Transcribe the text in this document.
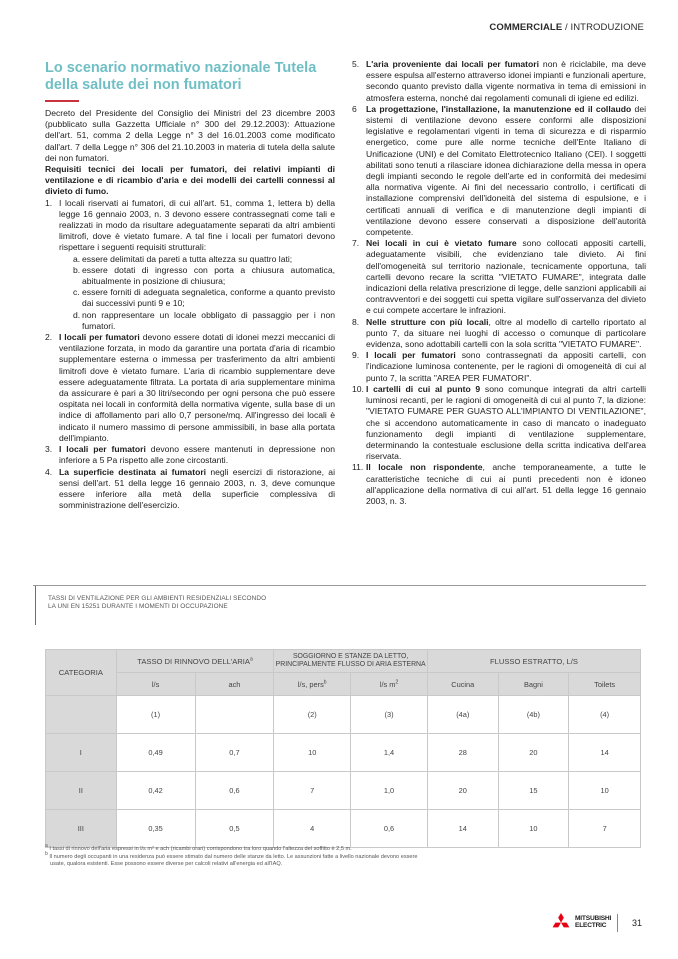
COMMERCIALE / INTRODUZIONE
Lo scenario normativo nazionale Tutela della salute dei non fumatori

Decreto del Presidente del Consiglio dei Ministri del 23 dicembre 2003 (pubblicato sulla Gazzetta Ufficiale n° 300 del 29.12.2003): Attuazione dell'art. 51, comma 2 della Legge n° 3 del 16.01.2003 come modificato dall'art. 7 della Legge n° 306 del 21.10.2003 in materia di tutela della salute dei non fumatori.

Requisiti tecnici dei locali per fumatori, dei relativi impianti di ventilazione e di ricambio d'aria e dei modelli dei cartelli connessi al divieto di fumo.

1. I locali riservati ai fumatori, di cui all'art. 51, comma 1, lettera b) della legge 16 gennaio 2003, n. 3 devono essere contrassegnati come tali e realizzati in modo da risultare adeguatamente separati da altri ambienti limitrofi, dove è vietato fumare. A tal fine i locali per fumatori devono rispettare i seguenti requisiti strutturali:
a. essere delimitati da pareti a tutta altezza su quattro lati;
b. essere dotati di ingresso con porta a chiusura automatica, abitualmente in posizione di chiusura;
c. essere forniti di adeguata segnaletica, conforme a quanto previsto dai successivi punti 9 e 10;
d. non rappresentare un locale obbligato di passaggio per i non fumatori.
2. I locali per fumatori devono essere dotati di idonei mezzi meccanici di ventilazione forzata, in modo da garantire una portata d'aria di ricambio supplementare esterna o immessa per trasferimento da altri ambienti limitrofi dove è vietato fumare. L'aria di ricambio supplementare deve essere adeguatamente filtrata. La portata di aria supplementare minima da assicurare è pari a 30 litri/secondo per ogni persona che può essere ospitata nei locali in conformità della normativa vigente, sulla base di un indice di affollamento pari allo 0,7 persone/mq. All'ingresso dei locali è indicato il numero massimo di persone ammissibili, in base alla portata dell'impianto.
3. I locali per fumatori devono essere mantenuti in depressione non inferiore a 5 Pa rispetto alle zone circostanti.
4. La superficie destinata ai fumatori negli esercizi di ristorazione, ai sensi dell'art. 51 della legge 16 gennaio 2003, n. 3, deve comunque essere inferiore alla metà della superficie complessiva di somministrazione dell'esercizio.
5. L'aria proveniente dai locali per fumatori non è riciclabile, ma deve essere espulsa all'esterno attraverso idonei impianti e funzionali aperture, secondo quanto previsto dalla vigente normativa in tema di emissioni in atmosfera esterna, nonché dai regolamenti comunali di igiene ed edilizi.
6 La progettazione, l'installazione, la manutenzione ed il collaudo dei sistemi di ventilazione devono essere conformi alle disposizioni legislative e regolamentari vigenti in tema di sicurezza e di risparmio energetico, come pure alle norme tecniche dell'Ente Italiano di Unificazione (UNI) e del Comitato Elettrotecnico Italiano (CEI). I soggetti abilitati sono tenuti a rilasciare idonea dichiarazione della messa in opera degli impianti secondo le regole dell'arte ed in conformità dei medesimi alla normativa vigente. Ai fini del necessario controllo, i certificati di installazione comprensivi dell'idoneità del sistema di espulsione, e i certificati annuali di verifica e di manutenzione degli impianti di ventilazione devono essere conservati a disposizione dell'autorità competente.
7. Nei locali in cui è vietato fumare sono collocati appositi cartelli, adeguatamente visibili, che evidenziano tale divieto. Ai fini dell'omogeneità sul territorio nazionale, tecnicamente opportuna, tali cartelli devono recare la scritta "VIETATO FUMARE", integrata dalle indicazioni della relativa prescrizione di legge, delle sanzioni applicabili ai contravventori e dei soggetti cui spetta vigilare sull'osservanza del divieto e cui compete accertare le infrazioni.
8. Nelle strutture con più locali, oltre al modello di cartello riportato al punto 7, da situare nei luoghi di accesso o comunque di particolare evidenza, sono adottabili cartelli con la sola scritta "VIETATO FUMARE".
9. I locali per fumatori sono contrassegnati da appositi cartelli, con l'indicazione luminosa contenente, per le ragioni di omogeneità di cui al punto 7, la scritta "AREA PER FUMATORI".
10. I cartelli di cui al punto 9 sono comunque integrati da altri cartelli luminosi recanti, per le ragioni di omogeneità di cui al punto 7, la dizione: "VIETATO FUMARE PER GUASTO ALL'IMPIANTO DI VENTILAZIONE", che si accendono automaticamente in caso di mancato o inadeguato funzionamento degli impianti di ventilazione supplementare, determinando la contestuale esclusione della scritta indicativa dell'area riservata.
11. Il locale non rispondente, anche temporaneamente, a tutte le caratteristiche tecniche di cui ai punti precedenti non è idoneo all'applicazione della normativa di cui all'art. 51 della legge 16 gennaio 2003, n. 3.
TASSI DI VENTILAZIONE PER GLI AMBIENTI RESIDENZIALI SECONDO
LA UNI EN 15251 DURANTE I MOMENTI DI OCCUPAZIONE
CATEGORIA	TASSO DI RINNOVO DELL'ARIA$^a$		SOGGIORNO E STANZE DA LETTO,
PRINCIPALMENTE FLUSSO DI ARIA ESTERNA		FLUSSO ESTRATTO, L/S		
	l/s	ach	l/s, pers$^b$	l/s $m^2$	Cucina	Bagni	Toilets
	(1)		(2)	(3)	(4a)	(4b)	(4)
I	0,49	0,7	10	1,4	28	20	14
II	0,42	0,6	7	1,0	20	15	10
III	0,35	0,5	4	0,6	14	10	7

$^a$ I tassi di rinnovo dell'aria espressi in l/s m² e ach (ricambi orari) corrispondono tra loro quando l'altezza del soffitto è 2,5 m.

$^b$ Il numero degli occupanti in una residenza può essere stimato dal numero delle stanze da letto. Le assunzioni fatte a livello nazionale devono essere

usate, qualora esistenti. Esse possono essere diverse per calcoli relativi all'energia ed all'IAQ.

MITSUBISHI
ELECTRIC	31
